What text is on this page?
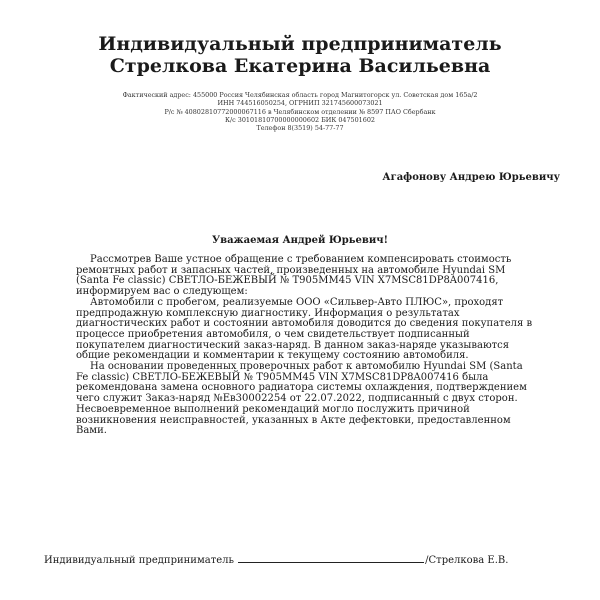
Индивидуальный предприниматель
Стрелкова Екатерина Васильевна
Фактический адрес: 455000 Россия Челябинская область город Магнитогорск ул. Советская дом 165а/2
ИНН 744516050254, ОГРНИП 321745600073021
Р/с № 40802810772000067116 в Челябинском отделении № 8597 ПАО Сбербанк
К/с 30101810700000000602 БИК 047501602
Телефон 8(3519) 54-77-77
Агафонову Андрею Юрьевичу
Уважаемая Андрей Юрьевич!

Рассмотрев Ваше устное обращение с требованием компенсировать стоимость ремонтных работ и запасных частей, произведенных на автомобиле Hyundai SM (Santa Fe classic) СВЕТЛО-БЕЖЕВЫЙ № Т905ММ45 VIN X7MSC81DP8A007416, информируем вас о следующем:

Автомобили с пробегом, реализуемые ООО «Сильвер-Авто ПЛЮС», проходят предпродажную комплексную диагностику. Информация о результатах диагностических работ и состоянии автомобиля доводится до сведения покупателя в процессе приобретения автомобиля, о чем свидетельствует подписанный покупателем диагностический заказ-наряд. В данном заказ-наряде указываются общие рекомендации и комментарии к текущему состоянию автомобиля.

На основании проведенных проверочных работ к автомобилю Hyundai SM (Santa Fe classic) СВЕТЛО-БЕЖЕВЫЙ № Т905ММ45 VIN X7MSC81DP8A007416 была рекомендована замена основного радиатора системы охлаждения, подтверждением чего служит Заказ-наряд №Ев30002254 от 22.07.2022, подписанный с двух сторон. Несвоевременное выполнений рекомендаций могло послужить причиной возникновения неисправностей, указанных в Акте дефектовки, предоставленном Вами.

Индивидуальный предприниматель	/Стрелкова Е.В.
